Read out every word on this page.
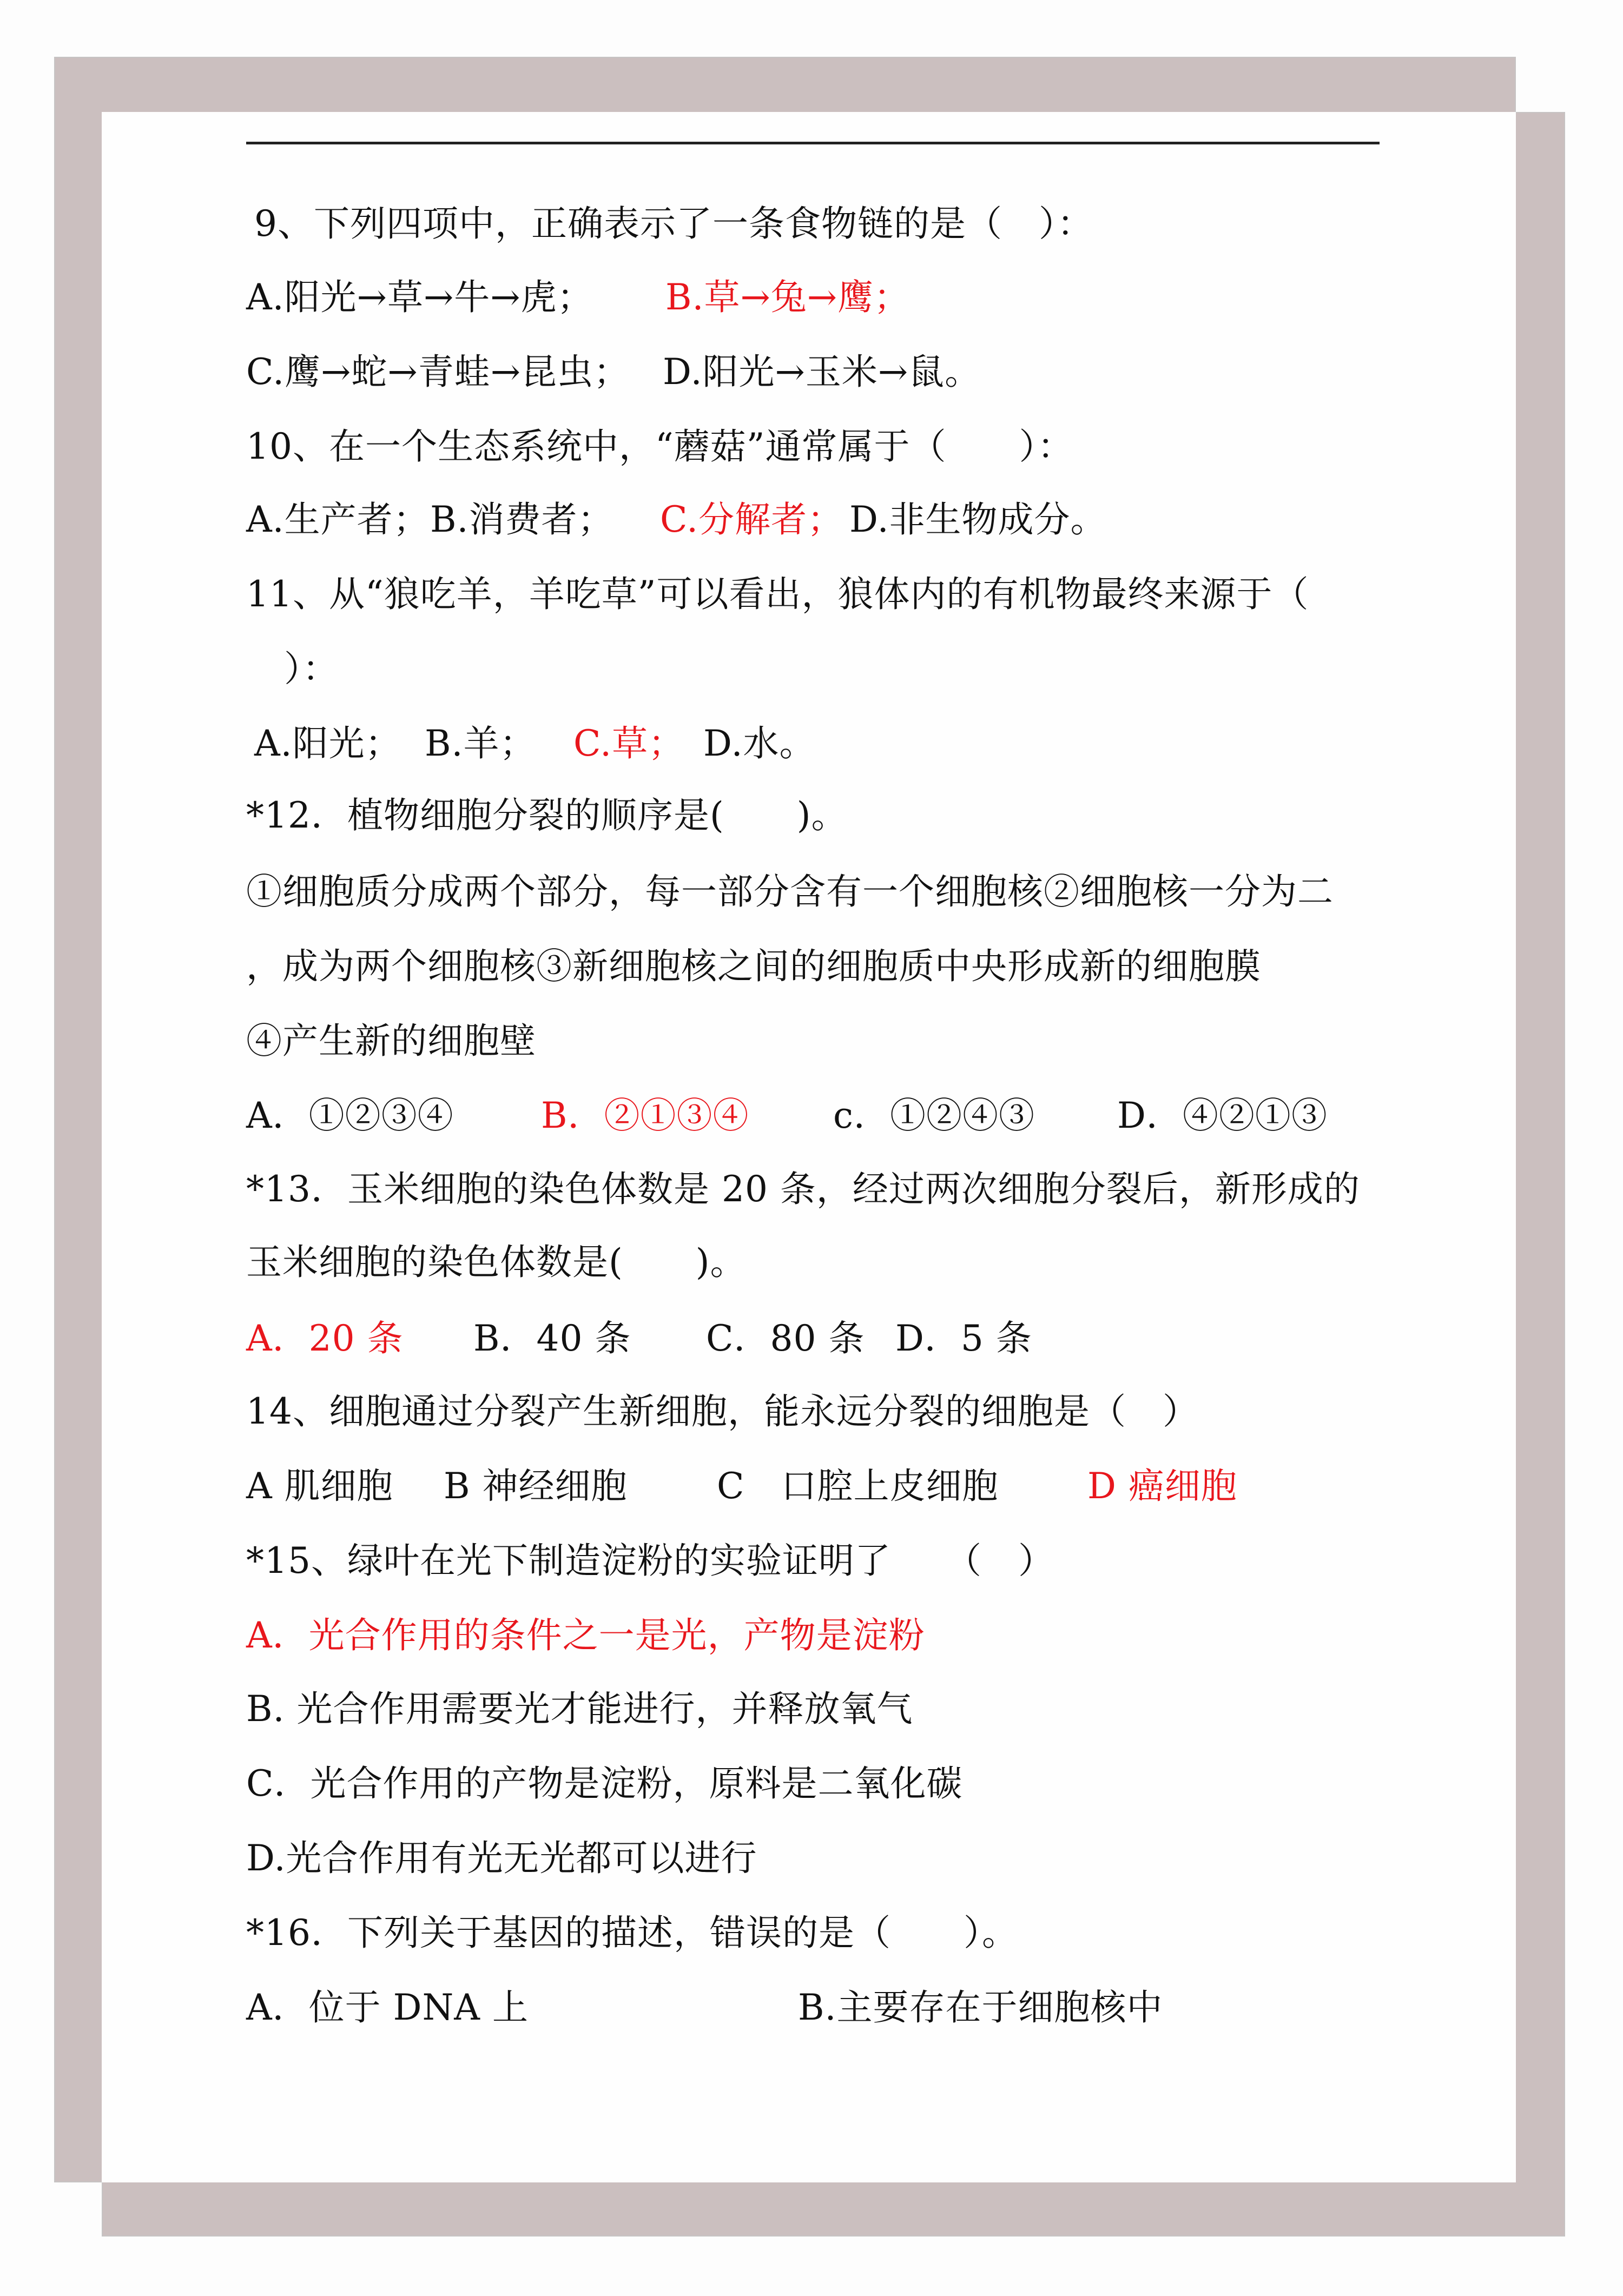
9、下列四项中，正确表示了一条食物链的是（　）：

A.阳光→草→牛→虎；

B.草→兔→鹰；

C.鹰→蛇→青蛙→昆虫；

D.阳光→玉米→鼠。

10、在一个生态系统中，“蘑菇”通常属于（　　）：

A.生产者；

B.消费者；

C.分解者；

D.非生物成分。

11、从“狼吃羊，羊吃草”可以看出，狼体内的有机物最终来源于（
）：

A.阳光；

B.羊；

C.草；

D.水。

*12．植物细胞分裂的顺序是(　　)。
①细胞质分成两个部分，每一部分含有一个细胞核②细胞核一分为二
，成为两个细胞核③新细胞核之间的细胞质中央形成新的细胞膜
④产生新的细胞壁

A．①②③④

B．②①③④

c．①②④③

D．④②①③

*13．玉米细胞的染色体数是 20 条，经过两次细胞分裂后，新形成的
玉米细胞的染色体数是(　　)。

A．20 条

B．40 条

C．80 条

D．5 条

14、细胞通过分裂产生新细胞，能永远分裂的细胞是（　）

A 肌细胞

B 神经细胞

	C　口腔上皮细胞

D 癌细胞

*15、绿叶在光下制造淀粉的实验证明了　　（　）
A．光合作用的条件之一是光，产物是淀粉
B. 光合作用需要光才能进行，并释放氧气
C．光合作用的产物是淀粉，原料是二氧化碳
D.光合作用有光无光都可以进行
*16．下列关于基因的描述，错误的是（　　）。

A．位于 DNA 上

	B.主要存在于细胞核中
